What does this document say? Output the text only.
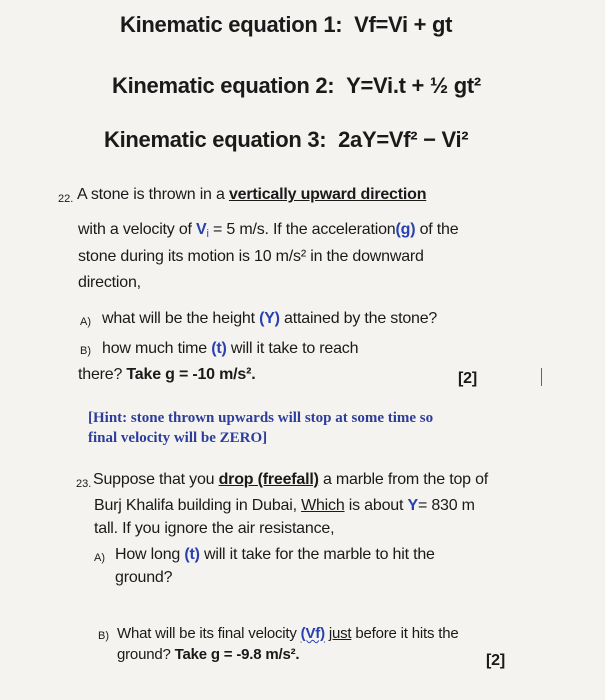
Kinematic equation 1: Vf=Vi + gt
Kinematic equation 2: Y=Vi.t + ½ gt²
Kinematic equation 3: 2aY=Vf² − Vi²
22. A stone is thrown in a vertically upward direction
with a velocity of $V_i = 5$ m/s. If the acceleration(g) of the
stone during its motion is 10 m/s² in the downward
direction,
A) what will be the height (Y) attained by the stone?
B) how much time (t) will it take to reach
there? Take g = -10 m/s².	[2]
[Hint: stone thrown upwards will stop at some time so
final velocity will be ZERO]
23. Suppose that you drop (freefall) a marble from the top of
Burj Khalifa building in Dubai, Which is about Y= 830 m
tall. If you ignore the air resistance,
A) How long (t) will it take for the marble to hit the
ground?
B) What will be its final velocity (Vf) just before it hits the
ground? Take g = -9.8 m/s².	[2]
